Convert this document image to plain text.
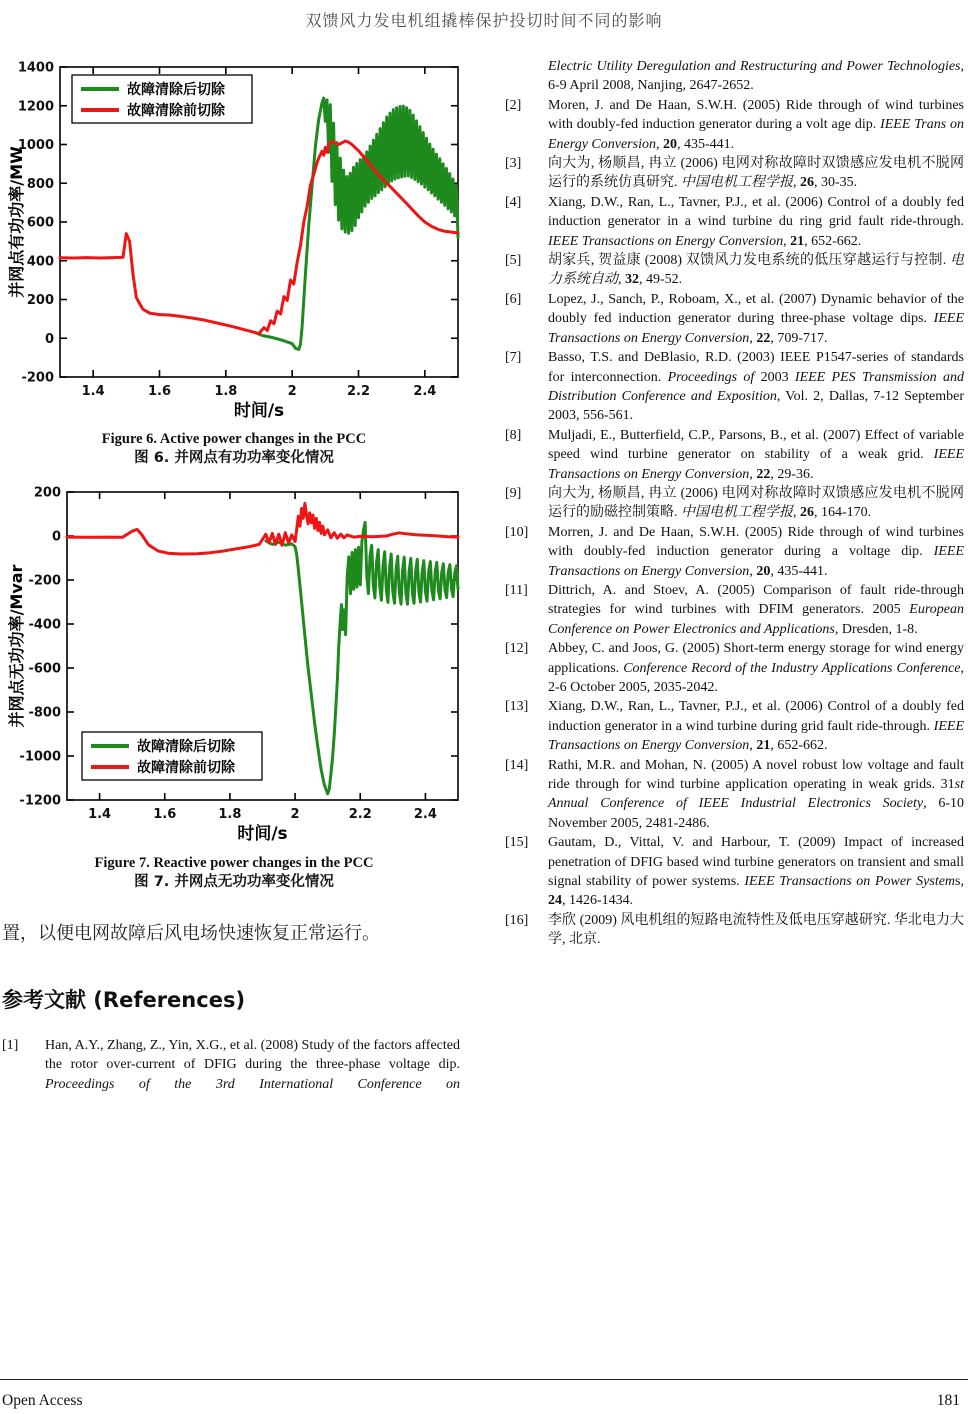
双馈风力发电机组撬棒保护投切时间不同的影响
1.4	1.6	1.8	2	2.2	2.4
-200
0
200
400
600
800
1000
1200
1400
时间/s
并网点有功功率/MW
故障清除后切除
故障清除前切除
Figure 6. Active power changes in the PCC
图 6. 并网点有功功率变化情况
1.4	1.6	1.8	2	2.2	2.4
-1200
-1000
-800
-600
-400
-200
0
200
时间/s
并网点无功功率/Mvar
故障清除后切除
故障清除前切除
Figure 7. Reactive power changes in the PCC
图 7. 并网点无功功率变化情况
置，以便电网故障后风电场快速恢复正常运行。
参考文献 (References)
[1] Han, A.Y., Zhang, Z., Yin, X.G., et al. (2008) Study of the factors affected the rotor over-current of DFIG during the three-phase voltage dip. Proceedings of the 3rd International Conference on
Electric Utility Deregulation and Restructuring and Power Technologies, 6-9 April 2008, Nanjing, 2647-2652.
[2] Moren, J. and De Haan, S.W.H. (2005) Ride through of wind turbines with doubly-fed induction generator during a volt age dip. IEEE Trans on Energy Conversion, 20, 435-441.
[3] 向大为, 杨顺昌, 冉立 (2006) 电网对称故障时双馈感应发电机不脱网运行的系统仿真研究. 中国电机工程学报, 26, 30-35.
[4] Xiang, D.W., Ran, L., Tavner, P.J., et al. (2006) Control of a doubly fed induction generator in a wind turbine du ring grid fault ride-through. IEEE Transactions on Energy Conversion, 21, 652-662.
[5] 胡家兵, 贺益康 (2008) 双馈风力发电系统的低压穿越运行与控制. 电力系统自动, 32, 49-52.
[6] Lopez, J., Sanch, P., Roboam, X., et al. (2007) Dynamic behavior of the doubly fed induction generator during three-phase voltage dips. IEEE Transactions on Energy Conversion, 22, 709-717.
[7] Basso, T.S. and DeBlasio, R.D. (2003) IEEE P1547-series of standards for interconnection. Proceedings of 2003 IEEE PES Transmission and Distribution Conference and Exposition, Vol. 2, Dallas, 7-12 September 2003, 556-561.
[8] Muljadi, E., Butterfield, C.P., Parsons, B., et al. (2007) Effect of variable speed wind turbine generator on stability of a weak grid. IEEE Transactions on Energy Conversion, 22, 29-36.
[9] 向大为, 杨顺昌, 冉立 (2006) 电网对称故障时双馈感应发电机不脱网运行的励磁控制策略. 中国电机工程学报, 26, 164-170.
[10] Morren, J. and De Haan, S.W.H. (2005) Ride through of wind turbines with doubly-fed induction generator during a voltage dip. IEEE Transactions on Energy Conversion, 20, 435-441.
[11] Dittrich, A. and Stoev, A. (2005) Comparison of fault ride-through strategies for wind turbines with DFIM generators. 2005 European Conference on Power Electronics and Applications, Dresden, 1-8.
[12] Abbey, C. and Joos, G. (2005) Short-term energy storage for wind energy applications. Conference Record of the Industry Applications Conference, 2-6 October 2005, 2035-2042.
[13] Xiang, D.W., Ran, L., Tavner, P.J., et al. (2006) Control of a doubly fed induction generator in a wind turbine during grid fault ride-through. IEEE Transactions on Energy Conversion, 21, 652-662.
[14] Rathi, M.R. and Mohan, N. (2005) A novel robust low voltage and fault ride through for wind turbine application operating in weak grids. 31st Annual Conference of IEEE Industrial Electronics Society, 6-10 November 2005, 2481-2486.
[15] Gautam, D., Vittal, V. and Harbour, T. (2009) Impact of increased penetration of DFIG based wind turbine generators on transient and small signal stability of power systems. IEEE Transactions on Power Systems, 24, 1426-1434.
[16] 李欣 (2009) 风电机组的短路电流特性及低电压穿越研究. 华北电力大学, 北京.
Open Access	181
